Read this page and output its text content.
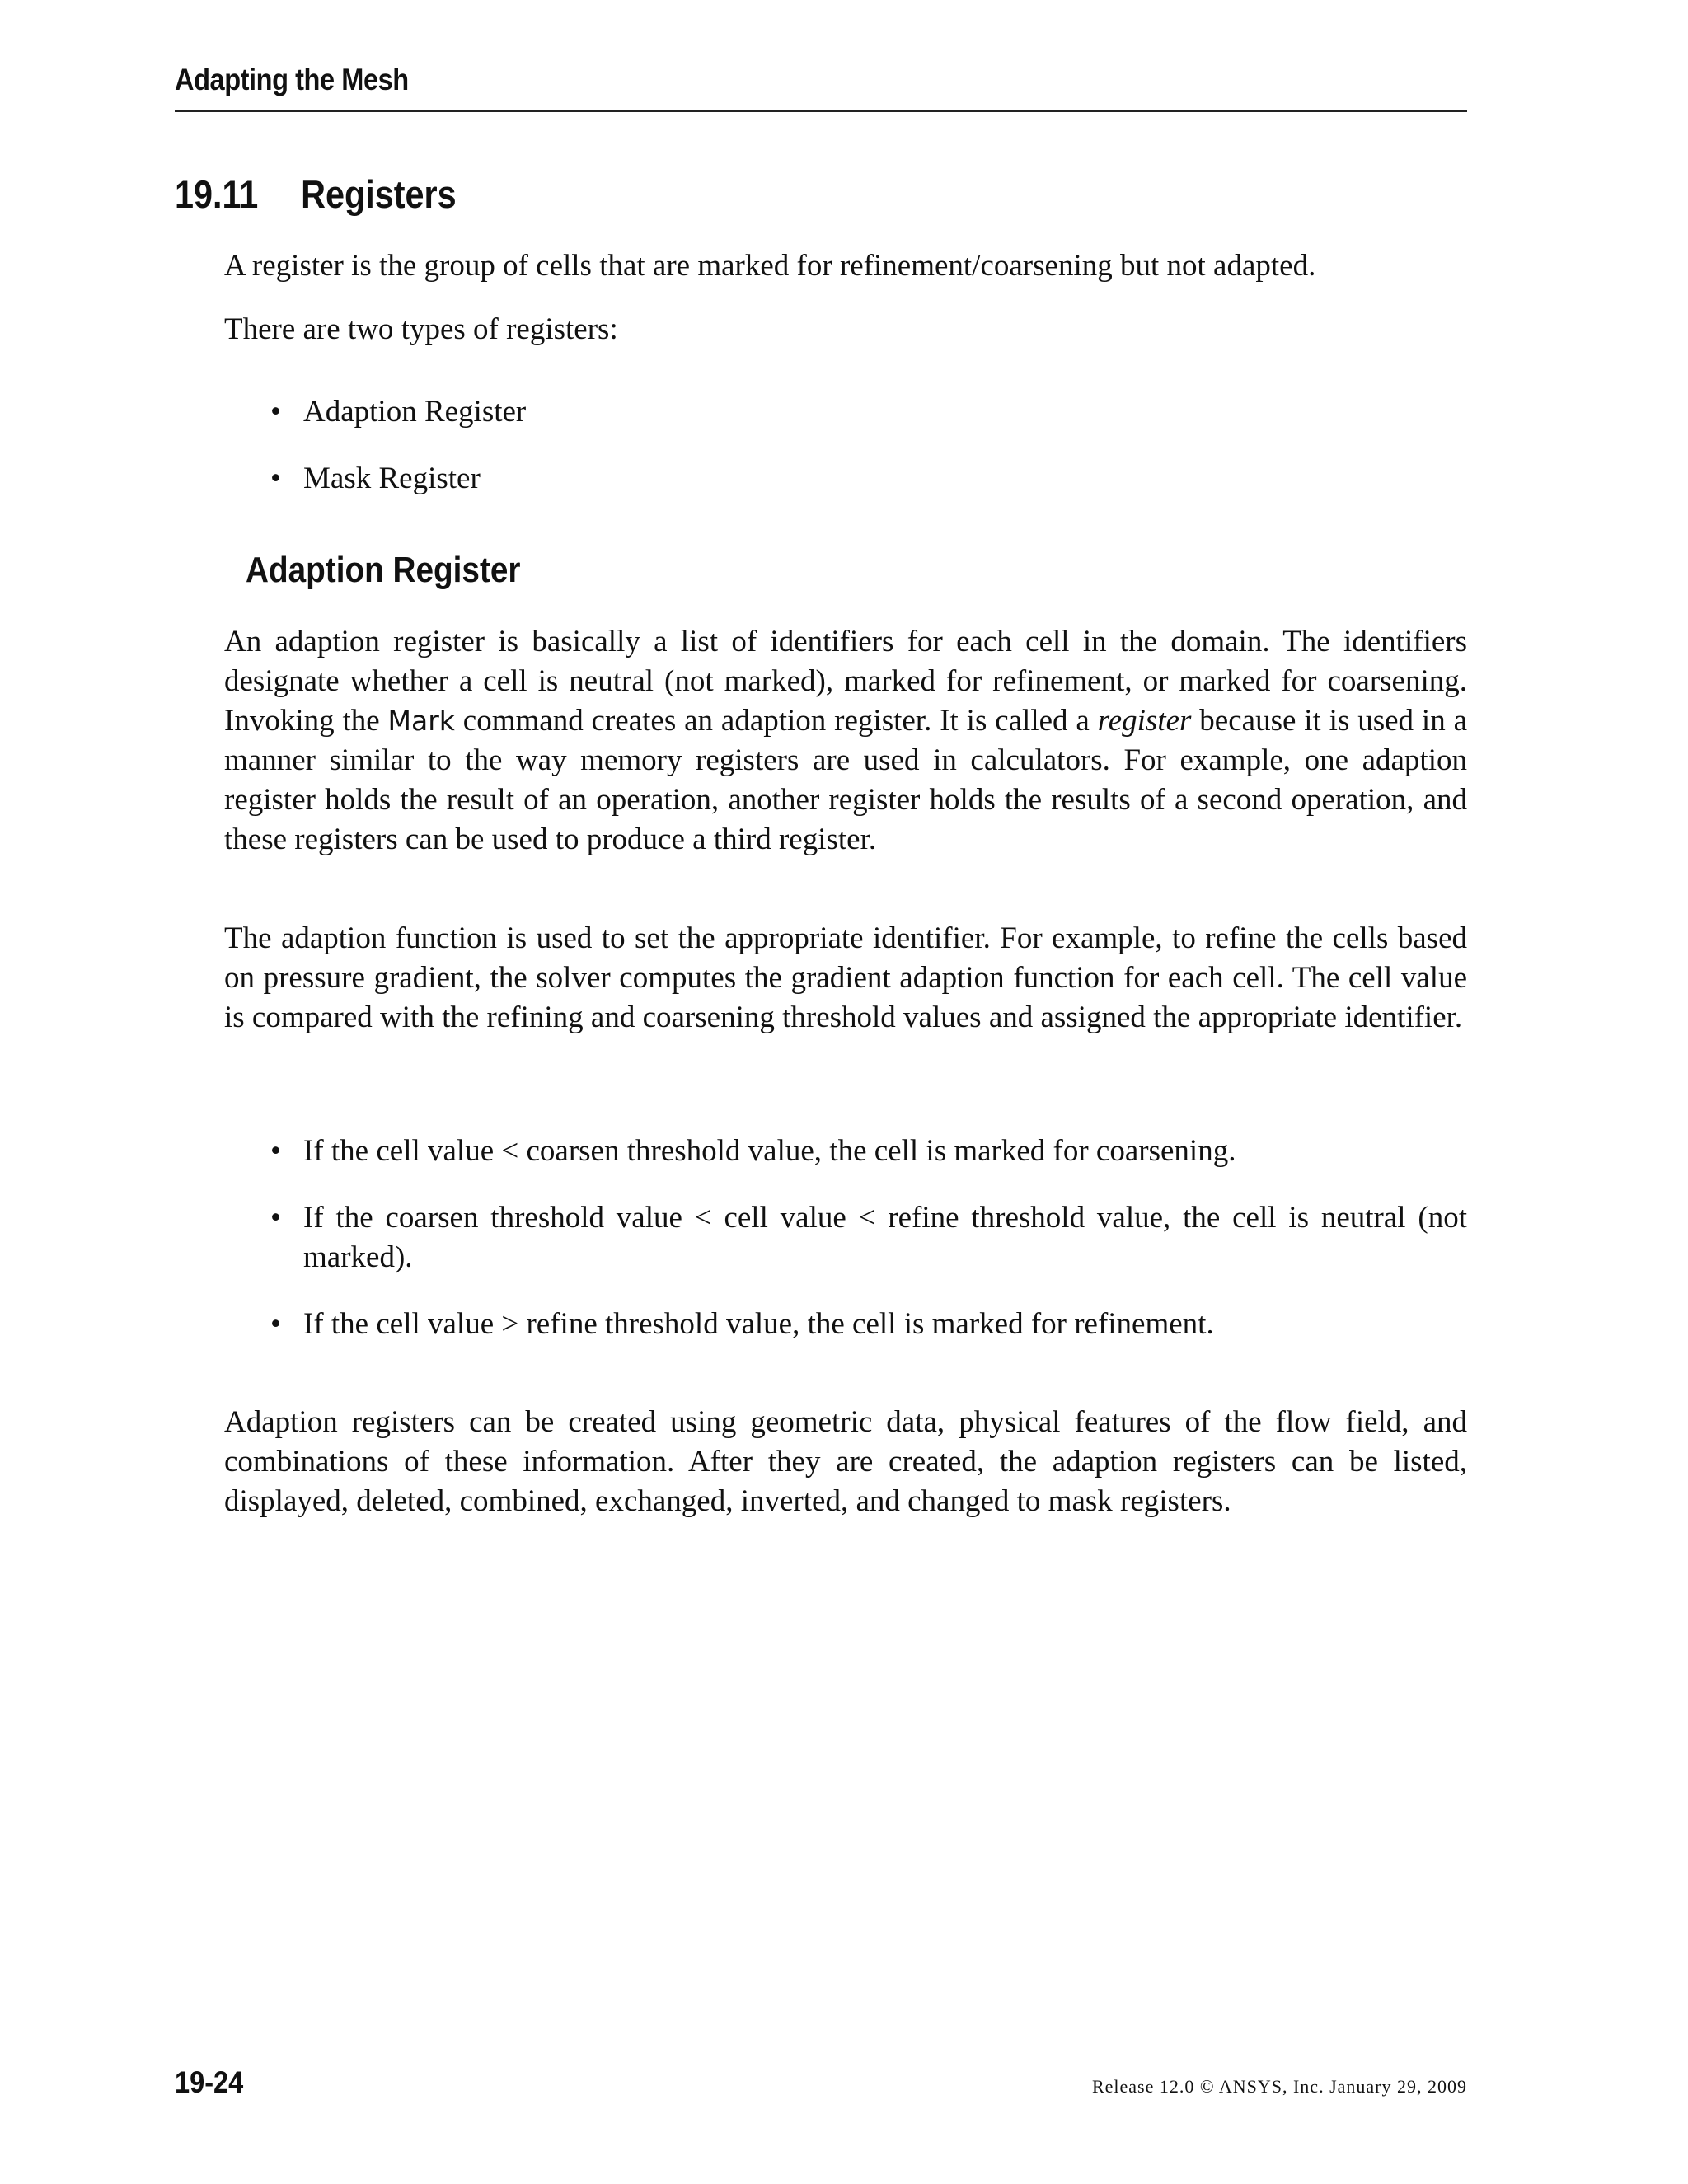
Adapting the Mesh
19.11 Registers

A register is the group of cells that are marked for refinement/coarsening but not adapted.

There are two types of registers:

• Adaption Register
• Mask Register
Adaption Register

An adaption register is basically a list of identifiers for each cell in the domain. The identifiers designate whether a cell is neutral (not marked), marked for refinement, or marked for coarsening. Invoking the Mark command creates an adaption register. It is called a register because it is used in a manner similar to the way memory registers are used in calculators. For example, one adaption register holds the result of an operation, another register holds the results of a second operation, and these registers can be used to produce a third register.

The adaption function is used to set the appropriate identifier. For example, to refine the cells based on pressure gradient, the solver computes the gradient adaption function for each cell. The cell value is compared with the refining and coarsening threshold values and assigned the appropriate identifier.

• If the cell value < coarsen threshold value, the cell is marked for coarsening.
• If the coarsen threshold value < cell value < refine threshold value, the cell is neutral (not marked).
• If the cell value > refine threshold value, the cell is marked for refinement.

Adaption registers can be created using geometric data, physical features of the flow field, and combinations of these information. After they are created, the adaption registers can be listed, displayed, deleted, combined, exchanged, inverted, and changed to mask registers.

19-24	Release 12.0 © ANSYS, Inc. January 29, 2009
